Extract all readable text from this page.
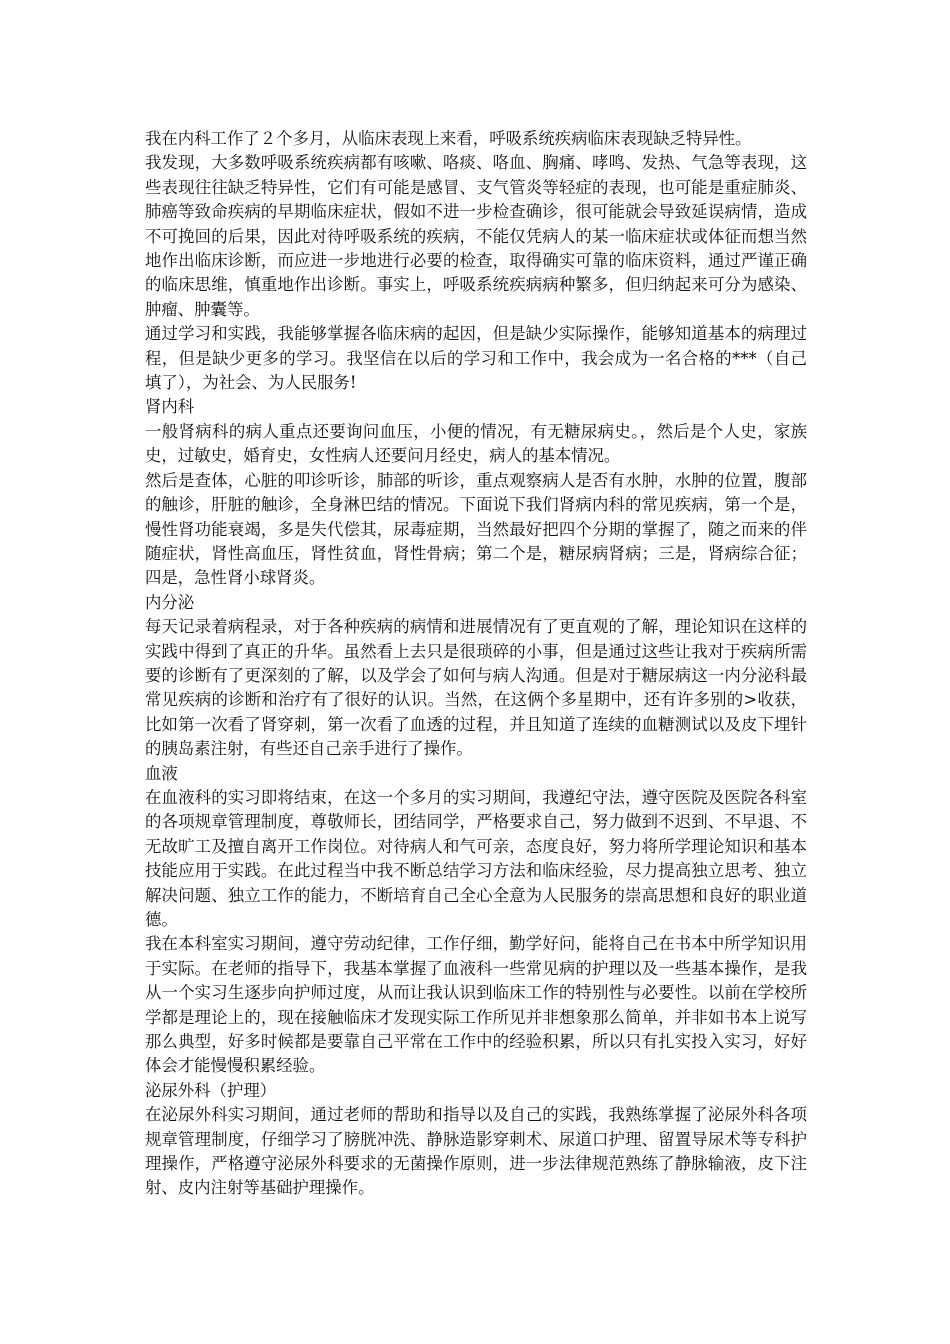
我在内科工作了２个多月，从临床表现上来看，呼吸系统疾病临床表现缺乏特异性。

我发现，大多数呼吸系统疾病都有咳嗽、咯痰、咯血、胸痛、哮鸣、发热、气急等表现，这些表现往往缺乏特异性，它们有可能是感冒、支气管炎等轻症的表现，也可能是重症肺炎、肺癌等致命疾病的早期临床症状，假如不进一步检查确诊，很可能就会导致延误病情，造成不可挽回的后果，因此对待呼吸系统的疾病，不能仅凭病人的某一临床症状或体征而想当然地作出临床诊断，而应进一步地进行必要的检查，取得确实可靠的临床资料，通过严谨正确的临床思维，慎重地作出诊断。事实上，呼吸系统疾病病种繁多，但归纳起来可分为感染、肿瘤、肿囊等。

通过学习和实践，我能够掌握各临床病的起因，但是缺少实际操作，能够知道基本的病理过程，但是缺少更多的学习。我坚信在以后的学习和工作中，我会成为一名合格的***（自己填了），为社会、为人民服务!

肾内科

一般肾病科的病人重点还要询问血压，小便的情况，有无糖尿病史。，然后是个人史，家族史，过敏史，婚育史，女性病人还要问月经史，病人的基本情况。

然后是查体，心脏的叩诊听诊，肺部的听诊，重点观察病人是否有水肿，水肿的位置，腹部的触诊，肝脏的触诊，全身淋巴结的情况。下面说下我们肾病内科的常见疾病，第一个是，慢性肾功能衰竭，多是失代偿其，尿毒症期，当然最好把四个分期的掌握了，随之而来的伴随症状，肾性高血压，肾性贫血，肾性骨病；第二个是，糖尿病肾病；三是，肾病综合征；四是，急性肾小球肾炎。

内分泌

每天记录着病程录，对于各种疾病的病情和进展情况有了更直观的了解，理论知识在这样的实践中得到了真正的升华。虽然看上去只是很琐碎的小事，但是通过这些让我对于疾病所需要的诊断有了更深刻的了解，以及学会了如何与病人沟通。但是对于糖尿病这一内分泌科最常见疾病的诊断和治疗有了很好的认识。当然，在这俩个多星期中，还有许多别的>收获，比如第一次看了肾穿刺，第一次看了血透的过程，并且知道了连续的血糖测试以及皮下埋针的胰岛素注射，有些还自己亲手进行了操作。

血液

在血液科的实习即将结束，在这一个多月的实习期间，我遵纪守法，遵守医院及医院各科室的各项规章管理制度，尊敬师长，团结同学，严格要求自己，努力做到不迟到、不早退、不无故旷工及擅自离开工作岗位。对待病人和气可亲，态度良好，努力将所学理论知识和基本技能应用于实践。在此过程当中我不断总结学习方法和临床经验，尽力提高独立思考、独立解决问题、独立工作的能力，不断培育自己全心全意为人民服务的崇高思想和良好的职业道德。

我在本科室实习期间，遵守劳动纪律，工作仔细，勤学好问，能将自己在书本中所学知识用于实际。在老师的指导下，我基本掌握了血液科一些常见病的护理以及一些基本操作，是我从一个实习生逐步向护师过度，从而让我认识到临床工作的特别性与必要性。以前在学校所学都是理论上的，现在接触临床才发现实际工作所见并非想象那么简单，并非如书本上说写那么典型，好多时候都是要靠自己平常在工作中的经验积累，所以只有扎实投入实习，好好体会才能慢慢积累经验。

泌尿外科（护理）

在泌尿外科实习期间，通过老师的帮助和指导以及自己的实践，我熟练掌握了泌尿外科各项规章管理制度，仔细学习了膀胱冲洗、静脉造影穿刺术、尿道口护理、留置导尿术等专科护理操作，严格遵守泌尿外科要求的无菌操作原则，进一步法律规范熟练了静脉输液，皮下注射、皮内注射等基础护理操作。
